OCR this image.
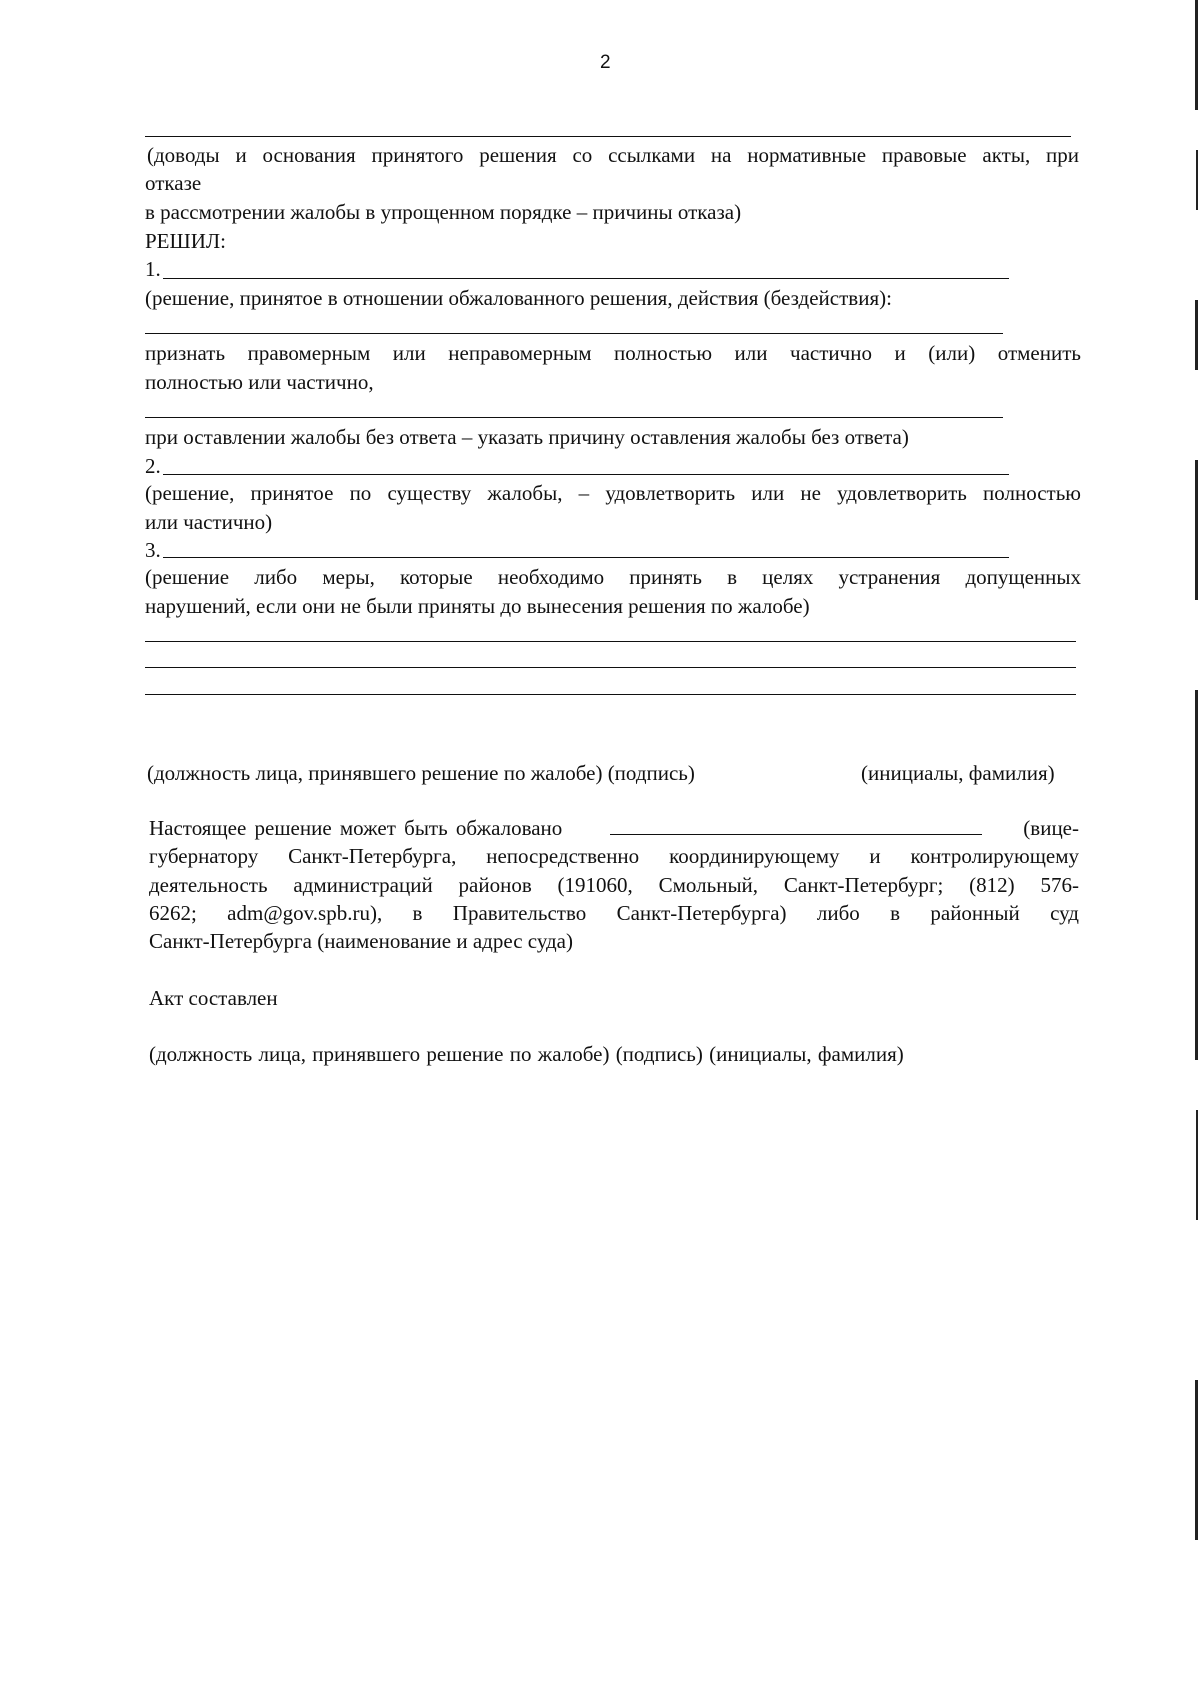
2
(доводы и основания принятого решения со ссылками на нормативные правовые акты, при
отказе
в рассмотрении жалобы в упрощенном порядке – причины отказа)
РЕШИЛ:
1.
(решение, принятое в отношении обжалованного решения, действия (бездействия):
признать правомерным или неправомерным полностью или частично и (или) отменить
полностью или частично,
при оставлении жалобы без ответа – указать причину оставления жалобы без ответа)
2.
(решение, принятое по существу жалобы, – удовлетворить или не удовлетворить полностью
или частично)
3.
(решение либо меры, которые необходимо принять в целях устранения допущенных
нарушений, если они не были приняты до вынесения решения по жалобе)
(должность лица, принявшего решение по жалобе) (подпись)	(инициалы, фамилия)
Настоящее решение может быть обжаловано	(вице-
губернатору Санкт-Петербурга, непосредственно координирующему и контролирующему
деятельность администраций районов (191060, Смольный, Санкт-Петербург; (812) 576-
6262; adm@gov.spb.ru), в Правительство Санкт-Петербурга) либо в районный суд
Санкт-Петербурга (наименование и адрес суда)
Акт составлен
(должность лица, принявшего решение по жалобе) (подпись) (инициалы, фамилия)
